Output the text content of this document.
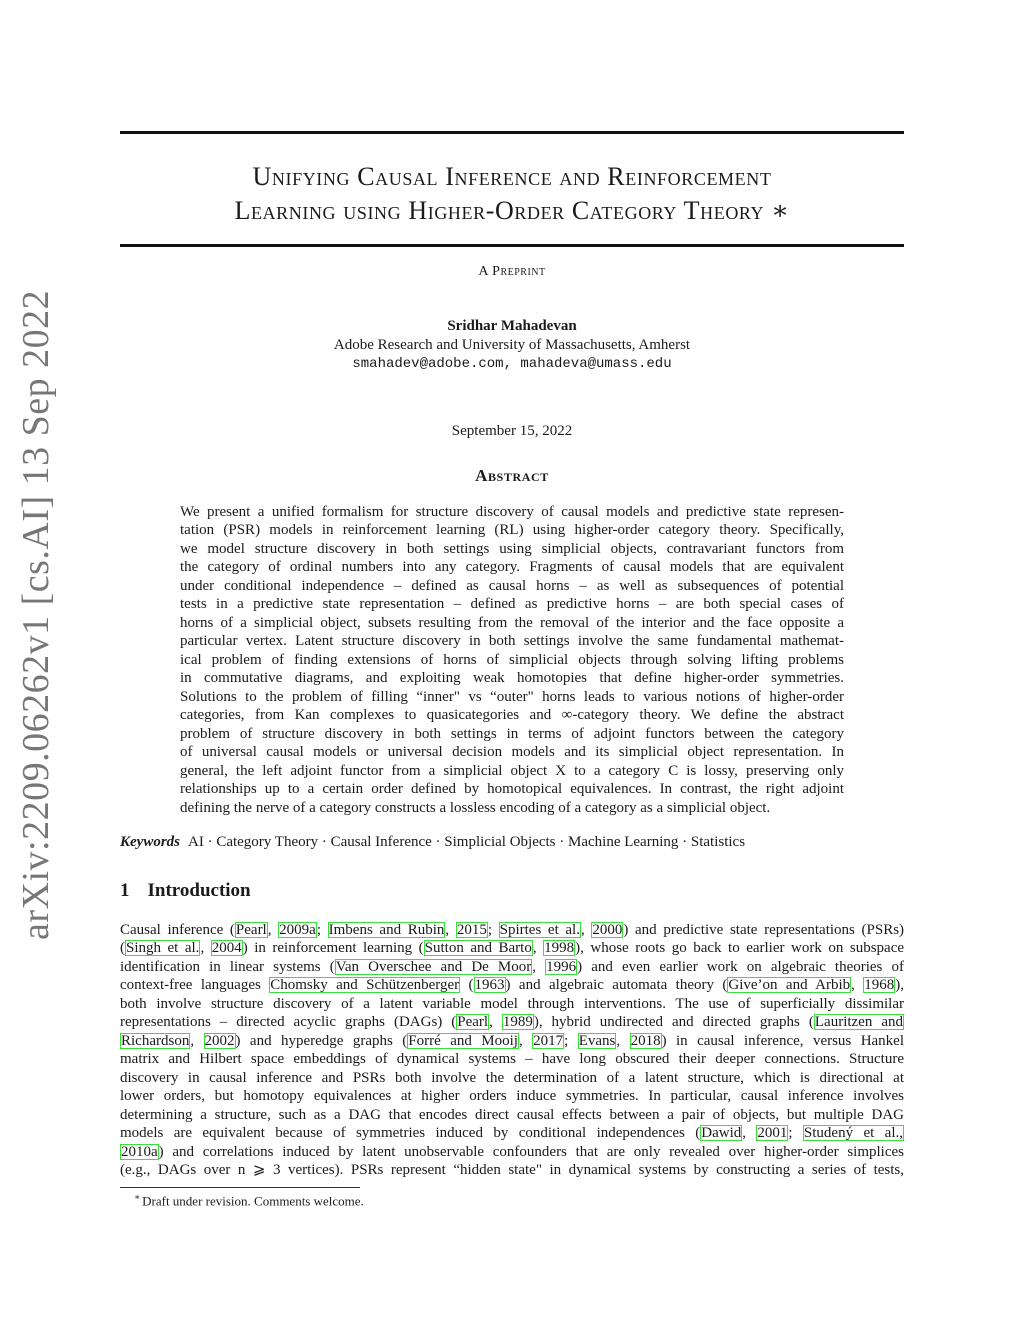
arXiv:2209.06262v1 [cs.AI] 13 Sep 2022
Unifying Causal Inference and Reinforcement
Learning using Higher-Order Category Theory ∗
A Preprint
Sridhar Mahadevan
Adobe Research and University of Massachusetts, Amherst
smahadev@adobe.com, mahadeva@umass.edu
September 15, 2022
Abstract
We present a unified formalism for structure discovery of causal models and predictive state represen-
tation (PSR) models in reinforcement learning (RL) using higher-order category theory. Specifically,
we model structure discovery in both settings using simplicial objects, contravariant functors from
the category of ordinal numbers into any category. Fragments of causal models that are equivalent
under conditional independence – defined as causal horns – as well as subsequences of potential
tests in a predictive state representation – defined as predictive horns – are both special cases of
horns of a simplicial object, subsets resulting from the removal of the interior and the face opposite a
particular vertex. Latent structure discovery in both settings involve the same fundamental mathemat-
ical problem of finding extensions of horns of simplicial objects through solving lifting problems
in commutative diagrams, and exploiting weak homotopies that define higher-order symmetries.
Solutions to the problem of filling “inner" vs “outer" horns leads to various notions of higher-order
categories, from Kan complexes to quasicategories and ∞-category theory. We define the abstract
problem of structure discovery in both settings in terms of adjoint functors between the category
of universal causal models or universal decision models and its simplicial object representation. In
general, the left adjoint functor from a simplicial object X to a category C is lossy, preserving only
relationships up to a certain order defined by homotopical equivalences. In contrast, the right adjoint
defining the nerve of a category constructs a lossless encoding of a category as a simplicial object.
Keywords AI · Category Theory · Causal Inference · Simplicial Objects · Machine Learning · Statistics
1 Introduction
Causal inference (Pearl, 2009a; Imbens and Rubin, 2015; Spirtes et al., 2000) and predictive state representations (PSRs)
(Singh et al., 2004) in reinforcement learning (Sutton and Barto, 1998), whose roots go back to earlier work on subspace
identification in linear systems (Van Overschee and De Moor, 1996) and even earlier work on algebraic theories of
context-free languages Chomsky and Schützenberger (1963) and algebraic automata theory (Give’on and Arbib, 1968),
both involve structure discovery of a latent variable model through interventions. The use of superficially dissimilar
representations – directed acyclic graphs (DAGs) (Pearl, 1989), hybrid undirected and directed graphs (Lauritzen and
Richardson, 2002) and hyperedge graphs (Forré and Mooij, 2017; Evans, 2018) in causal inference, versus Hankel
matrix and Hilbert space embeddings of dynamical systems – have long obscured their deeper connections. Structure
discovery in causal inference and PSRs both involve the determination of a latent structure, which is directional at
lower orders, but homotopy equivalences at higher orders induce symmetries. In particular, causal inference involves
determining a structure, such as a DAG that encodes direct causal effects between a pair of objects, but multiple DAG
models are equivalent because of symmetries induced by conditional independences (Dawid, 2001; Studený et al.,
2010a) and correlations induced by latent unobservable confounders that are only revealed over higher-order simplices
(e.g., DAGs over n ⩾ 3 vertices). PSRs represent “hidden state" in dynamical systems by constructing a series of tests,
∗ Draft under revision. Comments welcome.
